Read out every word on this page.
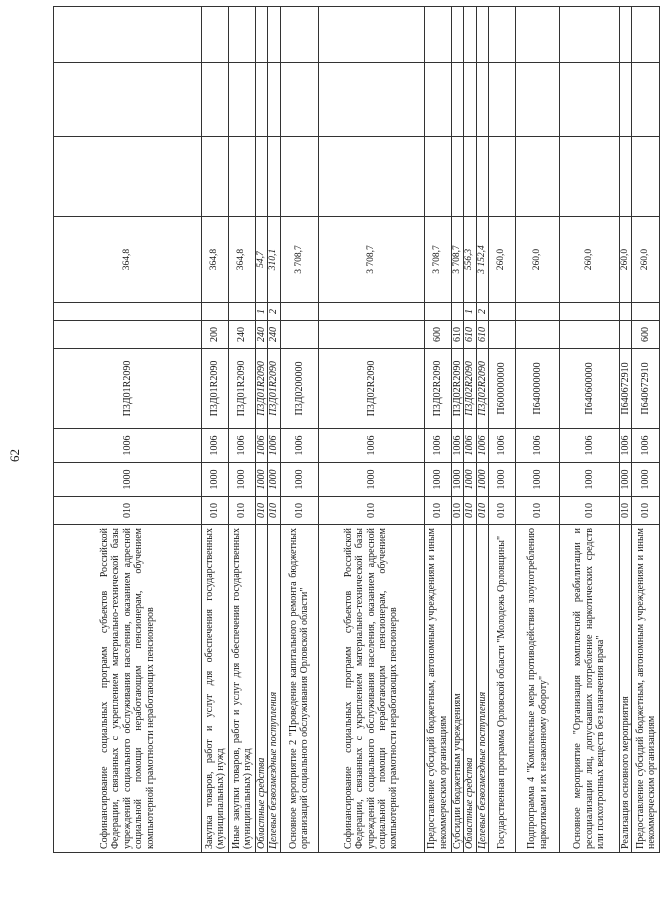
62
Софинансирование социальных программ субъектов Российской Федерации, связанных с укреплением материально-технической базы учреждений социального обслуживания населения, оказанием адресной социальной помощи неработающим пенсионерам, обучением компьютерной грамотности неработающих пенсионеров	010	1000	1006	П3Д01R2090			364,8			
Закупка товаров, работ и услуг для обеспечения государственных (муниципальных) нужд	010	1000	1006	П3Д01R2090	200		364,8			
Иные закупки товаров, работ и услуг для обеспечения государственных (муниципальных) нужд	010	1000	1006	П3Д01R2090	240		364,8			
Областные средства	010	1000	1006	П3Д01R2090	240	1	54,7			
Целевые безвозмездные поступления	010	1000	1006	П3Д01R2090	240	2	310,1			
Основное мероприятие 2 "Проведение капитального ремонта бюджетных организаций социального обслуживания Орловской области"	010	1000	1006	П3Д0200000			3 708,7			
Софинансирование социальных программ субъектов Российской Федерации, связанных с укреплением материально-технической базы учреждений социального обслуживания населения, оказанием адресной социальной помощи неработающим пенсионерам, обучением компьютерной грамотности неработающих пенсионеров	010	1000	1006	П3Д02R2090			3 708,7			
Предоставление субсидий бюджетным, автономным учреждениям и иным некоммерческим организациям	010	1000	1006	П3Д02R2090	600		3 708,7			
Субсидии бюджетным учреждениям	010	1000	1006	П3Д02R2090	610		3 708,7			
Областные средства	010	1000	1006	П3Д02R2090	610	1	556,3			
Целевые безвозмездные поступления	010	1000	1006	П3Д02R2090	610	2	3 152,4			
Государственная программа Орловской области "Молодежь Орловщины"	010	1000	1006	П600000000			260,0			
Подпрограмма 4 "Комплексные меры противодействия злоупотреблению наркотиками и их незаконному обороту"	010	1000	1006	П640000000			260,0			
Основное мероприятие "Организация комплексной реабилитации и ресоциализации лиц, допускавших потребление наркотических средств или психотропных веществ без назначения врача"	010	1000	1006	П640600000			260,0			
Реализация основного мероприятия	010	1000	1006	П640672910			260,0			
Предоставление субсидий бюджетным, автономным учреждениям и иным некоммерческим организациям	010	1000	1006	П640672910	600		260,0			
